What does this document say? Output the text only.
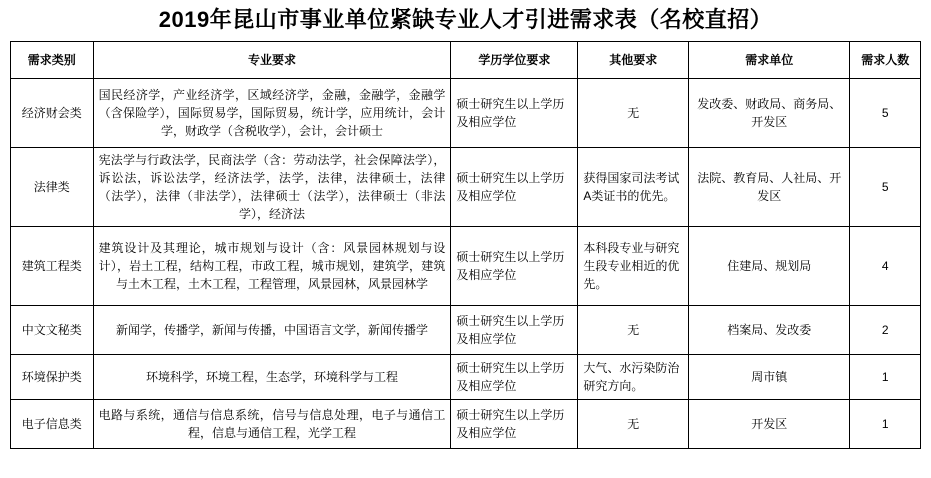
2019年昆山市事业单位紧缺专业人才引进需求表（名校直招）
需求类别	专业要求	学历学位要求	其他要求	需求单位	需求人数
经济财会类	国民经济学，产业经济学，区域经济学，金融，金融学，金融学（含保险学），国际贸易学，国际贸易，统计学，应用统计，会计学，财政学（含税收学），会计，会计硕士	硕士研究生以上学历及相应学位	无	发改委、财政局、商务局、开发区	5
法律类	宪法学与行政法学，民商法学（含：劳动法学，社会保障法学），诉讼法，诉讼法学，经济法学，法学，法律，法律硕士，法律（法学），法律（非法学），法律硕士（法学），法律硕士（非法学），经济法	硕士研究生以上学历及相应学位	获得国家司法考试A类证书的优先。	法院、教育局、人社局、开发区	5
建筑工程类	建筑设计及其理论，城市规划与设计（含：风景园林规划与设计），岩土工程，结构工程，市政工程，城市规划，建筑学，建筑与土木工程，土木工程，工程管理，风景园林，风景园林学	硕士研究生以上学历及相应学位	本科段专业与研究生段专业相近的优先。	住建局、规划局	4
中文文秘类	新闻学，传播学，新闻与传播，中国语言文学，新闻传播学	硕士研究生以上学历及相应学位	无	档案局、发改委	2
环境保护类	环境科学，环境工程，生态学，环境科学与工程	硕士研究生以上学历及相应学位	大气、水污染防治研究方向。	周市镇	1
电子信息类	电路与系统，通信与信息系统，信号与信息处理，电子与通信工程，信息与通信工程，光学工程	硕士研究生以上学历及相应学位	无	开发区	1
